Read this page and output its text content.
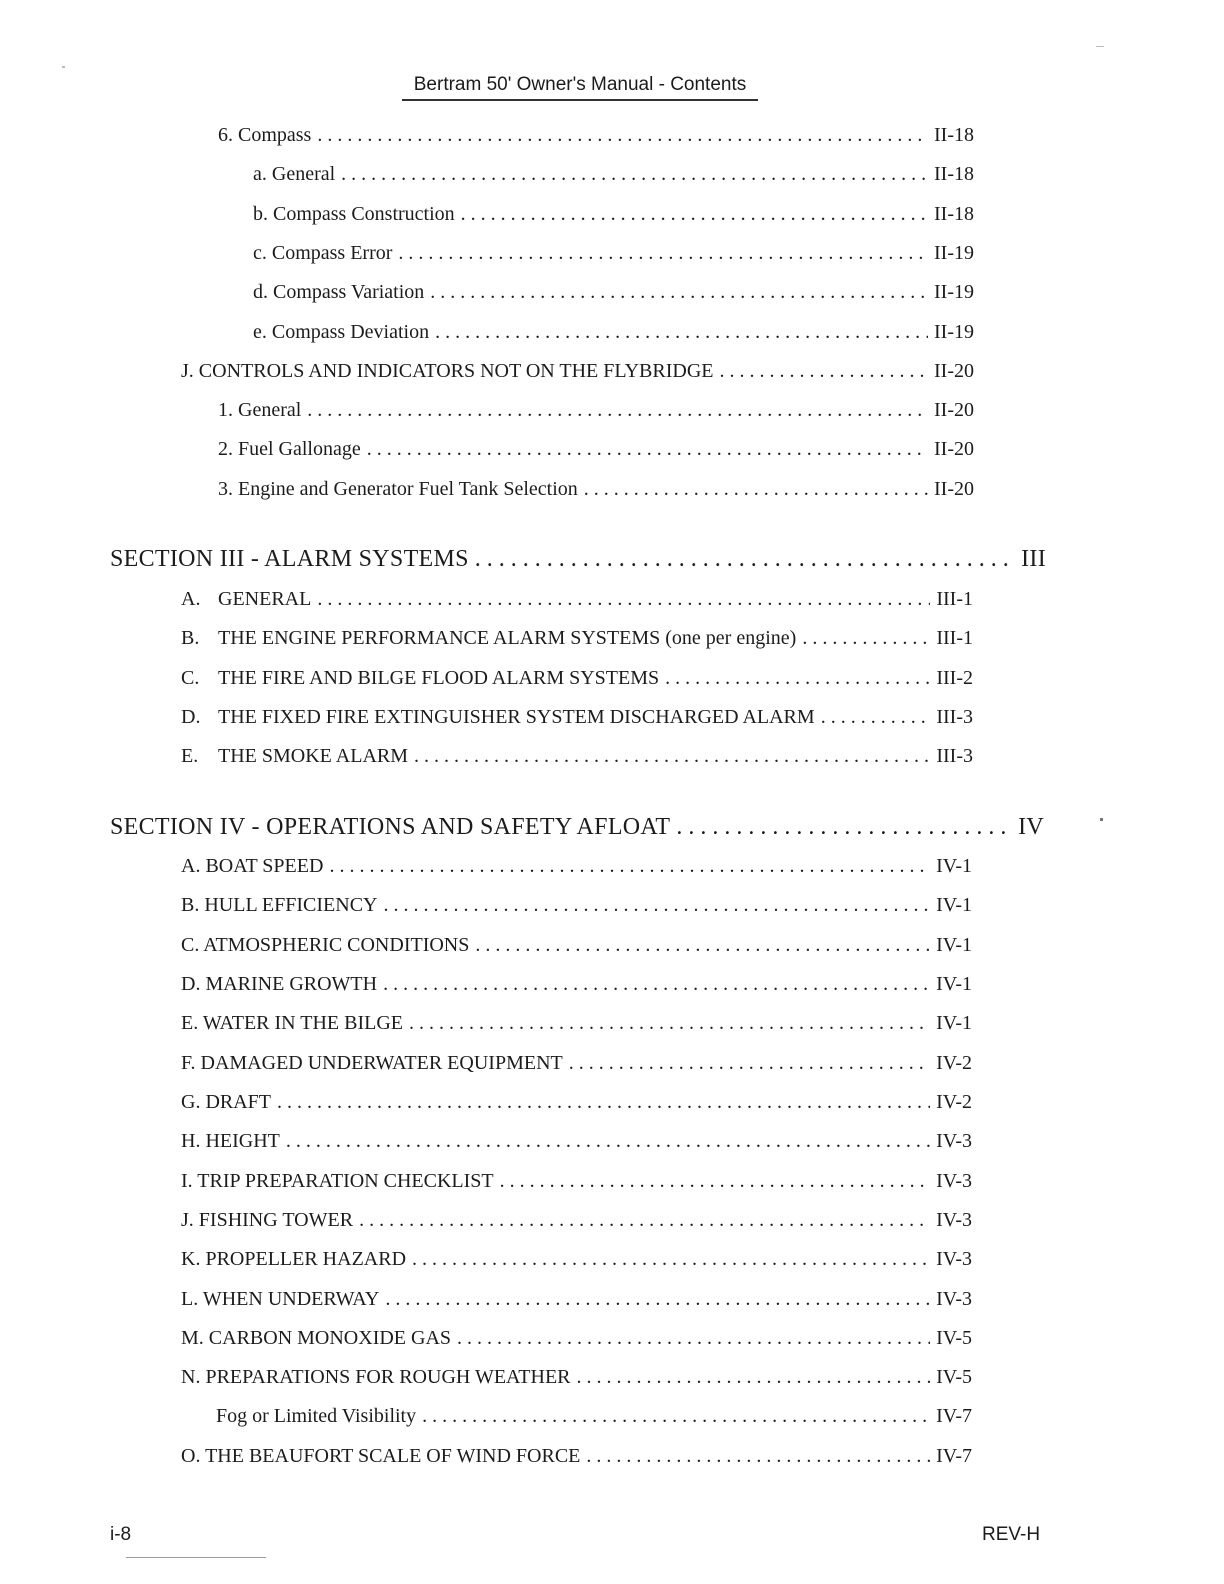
Bertram 50' Owner's Manual - Contents
6. Compass . . .	II-18
a. General . . .	II-18
b. Compass Construction . . .	II-18
c. Compass Error . . .	II-19
d. Compass Variation . . .	II-19
e. Compass Deviation . . .	II-19
J. CONTROLS AND INDICATORS NOT ON THE FLYBRIDGE . . .	II-20
1. General . . .	II-20
2. Fuel Gallonage . . .	II-20
3. Engine and Generator Fuel Tank Selection . . .	II-20
SECTION III - ALARM SYSTEMS . . .	III
A. GENERAL . . .	III-1
B. THE ENGINE PERFORMANCE ALARM SYSTEMS (one per engine) . . .	III-1
C. THE FIRE AND BILGE FLOOD ALARM SYSTEMS . . .	III-2
D. THE FIXED FIRE EXTINGUISHER SYSTEM DISCHARGED ALARM . . .	III-3
E. THE SMOKE ALARM . . .	III-3
SECTION IV - OPERATIONS AND SAFETY AFLOAT . . .	IV
A. BOAT SPEED . . .	IV-1
B. HULL EFFICIENCY . . .	IV-1
C. ATMOSPHERIC CONDITIONS . . .	IV-1
D. MARINE GROWTH . . .	IV-1
E. WATER IN THE BILGE . . .	IV-1
F. DAMAGED UNDERWATER EQUIPMENT . . .	IV-2
G. DRAFT . . .	IV-2
H. HEIGHT . . .	IV-3
I. TRIP PREPARATION CHECKLIST . . .	IV-3
J. FISHING TOWER . . .	IV-3
K. PROPELLER HAZARD . . .	IV-3
L. WHEN UNDERWAY . . .	IV-3
M. CARBON MONOXIDE GAS . . .	IV-5
N. PREPARATIONS FOR ROUGH WEATHER . . .	IV-5
Fog or Limited Visibility . . .	IV-7
O. THE BEAUFORT SCALE OF WIND FORCE . . .	IV-7
i-8	REV-H
